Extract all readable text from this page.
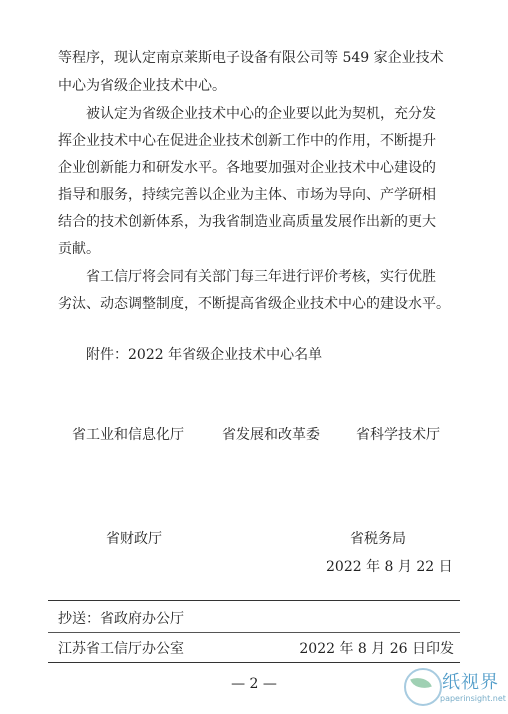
等程序，现认定南京莱斯电子设备有限公司等 549 家企业技术
中心为省级企业技术中心。
被认定为省级企业技术中心的企业要以此为契机，充分发
挥企业技术中心在促进企业技术创新工作中的作用，不断提升
企业创新能力和研发水平。各地要加强对企业技术中心建设的
指导和服务，持续完善以企业为主体、市场为导向、产学研相
结合的技术创新体系，为我省制造业高质量发展作出新的更大
贡献。
省工信厅将会同有关部门每三年进行评价考核，实行优胜
劣汰、动态调整制度，不断提高省级企业技术中心的建设水平。
附件：2022 年省级企业技术中心名单
省工业和信息化厅	省发展和改革委	省科学技术厅
省财政厅	省税务局
2022 年 8 月 22 日
抄送：省政府办公厅
江苏省工信厅办公室	2022 年 8 月 26 日印发
— 2 —	纸视界
paperinsight.net
